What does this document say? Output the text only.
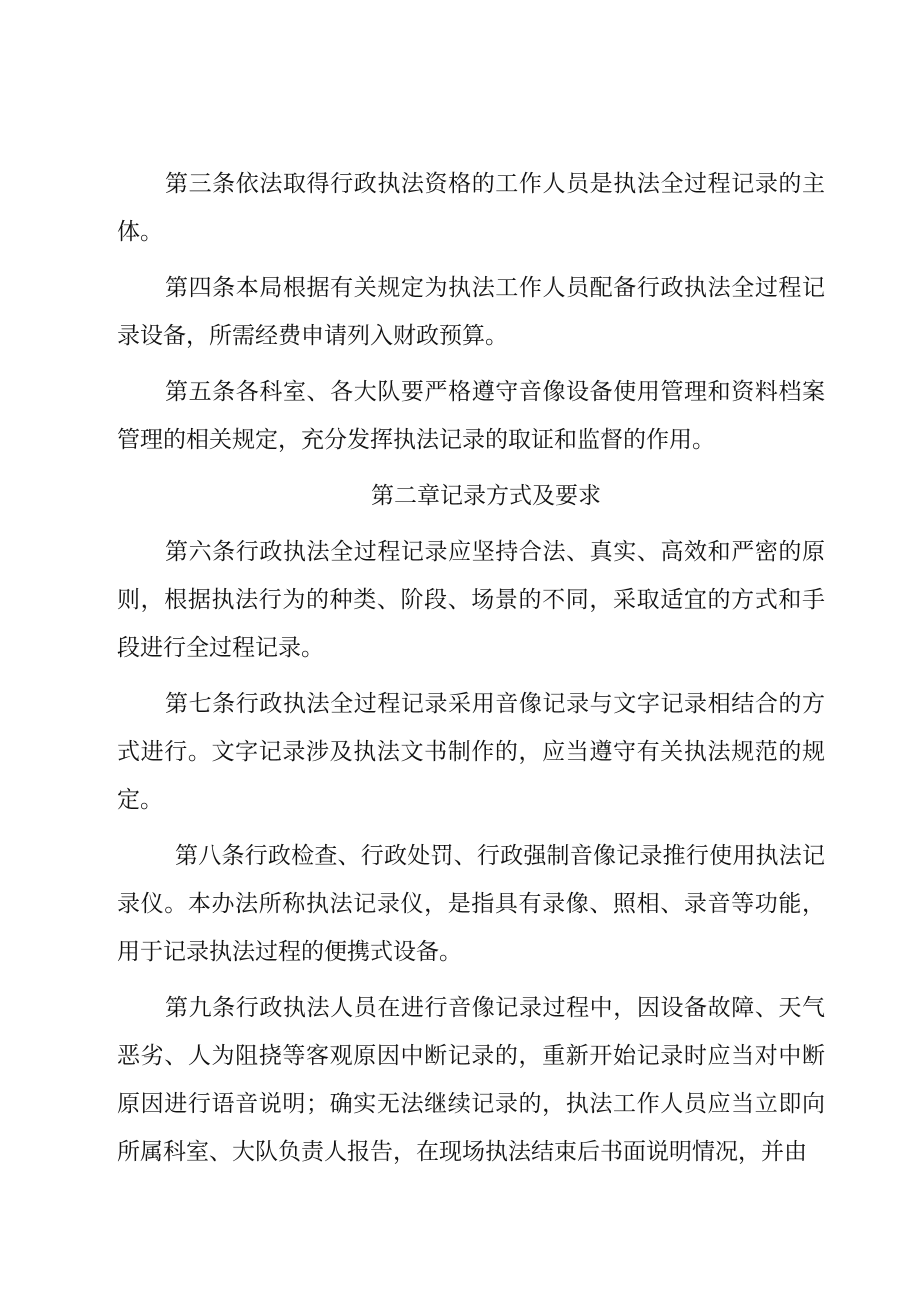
第三条依法取得行政执法资格的工作人员是执法全过程记录的主体。

第四条本局根据有关规定为执法工作人员配备行政执法全过程记录设备，所需经费申请列入财政预算。

第五条各科室、各大队要严格遵守音像设备使用管理和资料档案管理的相关规定，充分发挥执法记录的取证和监督的作用。

第二章记录方式及要求

第六条行政执法全过程记录应坚持合法、真实、高效和严密的原则，根据执法行为的种类、阶段、场景的不同，采取适宜的方式和手段进行全过程记录。

第七条行政执法全过程记录采用音像记录与文字记录相结合的方式进行。文字记录涉及执法文书制作的，应当遵守有关执法规范的规定。

第八条行政检查、行政处罚、行政强制音像记录推行使用执法记录仪。本办法所称执法记录仪，是指具有录像、照相、录音等功能，用于记录执法过程的便携式设备。

第九条行政执法人员在进行音像记录过程中，因设备故障、天气恶劣、人为阻挠等客观原因中断记录的，重新开始记录时应当对中断原因进行语音说明；确实无法继续记录的，执法工作人员应当立即向所属科室、大队负责人报告，在现场执法结束后书面说明情况，并由
